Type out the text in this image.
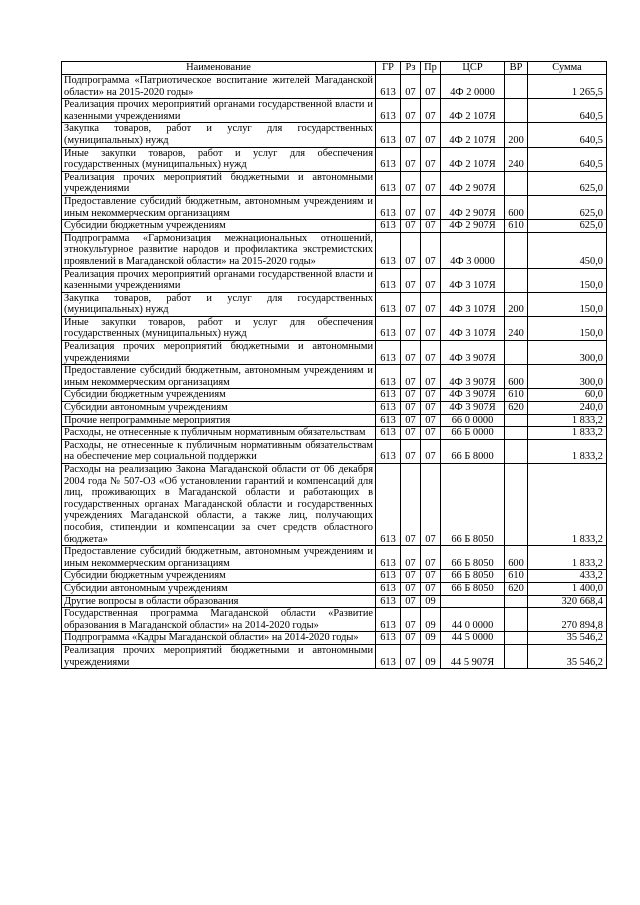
Наименование	ГР	Рз	Пр	ЦСР	ВР	Сумма
Подпрограмма «Патриотическое воспитание жителей Магаданской области» на 2015-2020 годы»	613	07	07	4Ф 2 0000		1 265,5
Реализация прочих мероприятий органами государственной власти и казенными учреждениями	613	07	07	4Ф 2 107Я		640,5
Закупка товаров, работ и услуг для государственных (муниципальных) нужд	613	07	07	4Ф 2 107Я	200	640,5
Иные закупки товаров, работ и услуг для обеспечения государственных (муниципальных) нужд	613	07	07	4Ф 2 107Я	240	640,5
Реализация прочих мероприятий бюджетными и автономными учреждениями	613	07	07	4Ф 2 907Я		625,0
Предоставление субсидий бюджетным, автономным учреждениям и иным некоммерческим организациям	613	07	07	4Ф 2 907Я	600	625,0
Субсидии бюджетным учреждениям	613	07	07	4Ф 2 907Я	610	625,0
Подпрограмма «Гармонизация межнациональных отношений, этнокультурное развитие народов и профилактика экстремистских проявлений в Магаданской области» на 2015-2020 годы»	613	07	07	4Ф 3 0000		450,0
Реализация прочих мероприятий органами государственной власти и казенными учреждениями	613	07	07	4Ф 3 107Я		150,0
Закупка товаров, работ и услуг для государственных (муниципальных) нужд	613	07	07	4Ф 3 107Я	200	150,0
Иные закупки товаров, работ и услуг для обеспечения государственных (муниципальных) нужд	613	07	07	4Ф 3 107Я	240	150,0
Реализация прочих мероприятий бюджетными и автономными учреждениями	613	07	07	4Ф 3 907Я		300,0
Предоставление субсидий бюджетным, автономным учреждениям и иным некоммерческим организациям	613	07	07	4Ф 3 907Я	600	300,0
Субсидии бюджетным учреждениям	613	07	07	4Ф 3 907Я	610	60,0
Субсидии автономным учреждениям	613	07	07	4Ф 3 907Я	620	240,0
Прочие непрограммные мероприятия	613	07	07	66 0 0000		1 833,2
Расходы, не отнесенные к публичным нормативным обязательствам	613	07	07	66 Б 0000		1 833,2
Расходы, не отнесенные к публичным нормативным обязательствам на обеспечение мер социальной поддержки	613	07	07	66 Б 8000		1 833,2
Расходы на реализацию Закона Магаданской области от 06 декабря 2004 года № 507-ОЗ «Об установлении гарантий и компенсаций для лиц, проживающих в Магаданской области и работающих в государственных органах Магаданской области и государственных учреждениях Магаданской области, а также лиц, получающих пособия, стипендии и компенсации за счет средств областного бюджета»	613	07	07	66 Б 8050		1 833,2
Предоставление субсидий бюджетным, автономным учреждениям и иным некоммерческим организациям	613	07	07	66 Б 8050	600	1 833,2
Субсидии бюджетным учреждениям	613	07	07	66 Б 8050	610	433,2
Субсидии автономным учреждениям	613	07	07	66 Б 8050	620	1 400,0
Другие вопросы в области образования	613	07	09			320 668,4
Государственная программа Магаданской области «Развитие образования в Магаданской области» на 2014-2020 годы»	613	07	09	44 0 0000		270 894,8
Подпрограмма «Кадры Магаданской области» на 2014-2020 годы»	613	07	09	44 5 0000		35 546,2
Реализация прочих мероприятий бюджетными и автономными учреждениями	613	07	09	44 5 907Я		35 546,2
